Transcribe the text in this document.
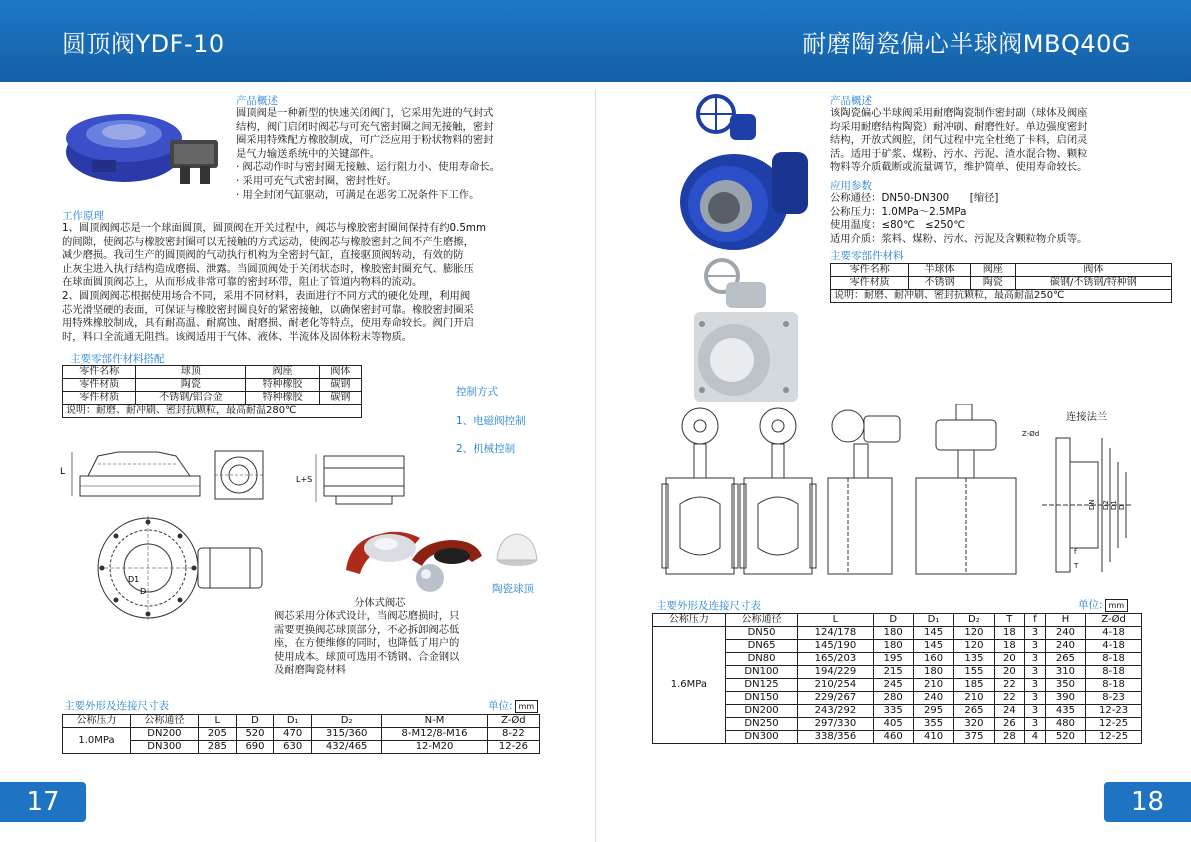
圆顶阀YDF-10
产品概述

圆顶阀是一种新型的快速关闭阀门，它采用先进的气封式

结构，阀门启闭时阀芯与可充气密封圈之间无接触，密封

圈采用特殊配方橡胶制成，可广泛应用于粉状物料的密封

是气力输送系统中的关键部件。

· 阀芯动作时与密封圈无接触、运行阻力小、使用寿命长。

· 采用可充气式密封圈，密封性好。

· 用全封闭气缸驱动，可满足在恶劣工况条件下工作。

工作原理

1、圆顶阀阀芯是一个球面圆顶，圆顶阀在开关过程中，阀芯与橡胶密封圈间保持有约0.5mm

的间隙，使阀芯与橡胶密封圈可以无接触的方式运动，使阀芯与橡胶密封之间不产生磨擦，

减少磨损。我司生产的圆顶阀的气动执行机构为全密封气缸，直接驱顶阀转动，有效的防

止灰尘进入执行结构造成磨损、泄露。当圆顶阀处于关闭状态时，橡胶密封圈充气、膨胀压

在球面圆顶阀芯上，从而形成非常可靠的密封环带，阻止了管道内物料的流动。

2、圆顶阀阀芯根据使用场合不同，采用不同材料，表面进行不同方式的硬化处理，利用阀

芯光滑坚硬的表面，可保证与橡胶密封圈良好的紧密接触，以确保密封可靠。橡胶密封圈采

用特殊橡胶制成，具有耐高温、耐腐蚀、耐磨损、耐老化等特点，使用寿命较长。阀门开启

时，料口全流通无阻挡。该阀适用于气体、液体、半流体及固体粉末等物质。

主要零部件材料搭配
零件名称	球顶	阀座	阀体
零件材质	陶瓷	特种橡胶	碳钢
零件材质	不锈钢/铝合金	特种橡胶	碳钢
说明：耐磨、耐冲刷、密封抗颗粒，最高耐温280℃			
控制方式
1、电磁阀控制
2、机械控制
L
L+S
D1
D	陶瓷球顶
分体式阀芯

阀芯采用分体式设计，当阀芯磨损时，只

需要更换阀芯球顶部分，不必拆卸阀芯低

座，在方便维修的同时，也降低了用户的

使用成本。球顶可选用不锈钢、合金钢以

及耐磨陶瓷材料

主要外形及连接尺寸表	单位: mm
公称压力	公称通径	L	D	D₁	D₂	N-M	Z-Ød
1.0MPa	DN200	205	520	470	315/360	8-M12/8-M16	8-22
	DN300	285	690	630	432/465	12-M20	12-26
17
耐磨陶瓷偏心半球阀MBQ40G
产品概述

该陶瓷偏心半球阀采用耐磨陶瓷制作密封副（球体及阀座

均采用耐磨结构陶瓷）耐冲刷、耐磨性好。单边强度密封

结构，开放式阀腔，闭气过程中完全杜绝了卡料，启闭灵

活。适用于矿浆、煤粉、污水、污泥、渣水混合物、颗粒

物料等介质截断或流量调节，维护简单、使用寿命较长。

应用参数

公称通径：DN50-DN300　　[缩径]

公称压力：1.0MPa～2.5MPa

使用温度：≤80℃　≤250℃

适用介质：浆料、煤粉、污水、污泥及含颗粒物介质等。

主要零部件材料
零件名称	半球体	阀座	阀体
零件材质	不锈钢	陶瓷	碳钢/不锈钢/特种钢
说明：耐磨、耐冲刷、密封抗颗粒，最高耐温250℃			
连接法兰
Z-Ød
DN D2 D1 D
f
T
主要外形及连接尺寸表	单位: mm
公称压力	公称通径	L	D	D₁	D₂	T	f	H	Z-Ød
1.6MPa	DN50	124/178	180	145	120	18	3	240	4-18
	DN65	145/190	180	145	120	18	3	240	4-18
	DN80	165/203	195	160	135	20	3	265	8-18
	DN100	194/229	215	180	155	20	3	310	8-18
	DN125	210/254	245	210	185	22	3	350	8-18
	DN150	229/267	280	240	210	22	3	390	8-23
	DN200	243/292	335	295	265	24	3	435	12-23
	DN250	297/330	405	355	320	26	3	480	12-25
	DN300	338/356	460	410	375	28	4	520	12-25
18
